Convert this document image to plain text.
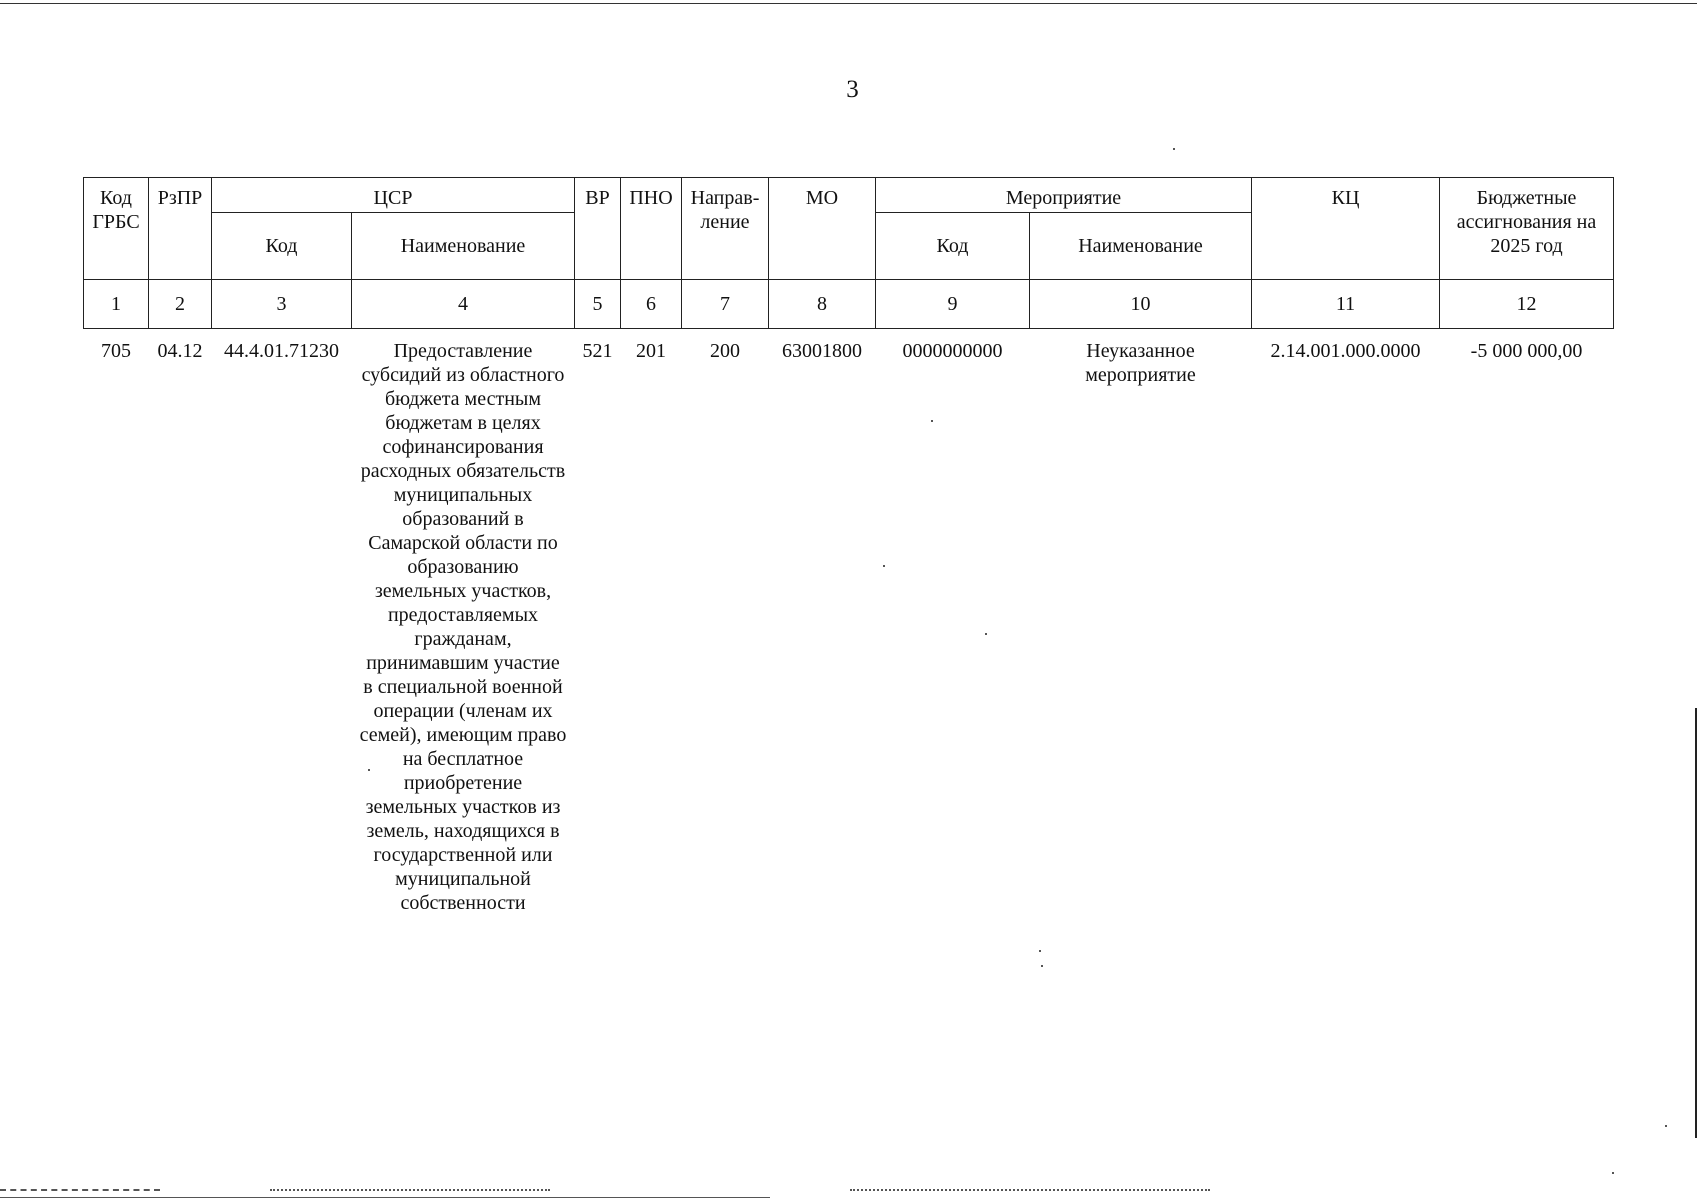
3
Код ГРБС	РзПР	ЦСР		ВР	ПНО	Направ-ление	МО	Мероприятие		КЦ	Бюджетные ассигнования на 2025 год
		Код	Наименование					Код	Наименование		
1	2	3	4	5	6	7	8	9	10	11	12
705	04.12	44.4.01.71230	Предоставление субсидий из областного бюджета местным бюджетам в целях софинансирования расходных обязательств муниципальных образований в Самарской области по образованию земельных участков, предоставляемых гражданам, принимавшим участие в специальной военной операции (членам их семей), имеющим право на бесплатное приобретение земельных участков из земель, находящихся в государственной или муниципальной собственности	521	201	200	63001800	0000000000	Неуказанное мероприятие	2.14.001.000.0000	-5 000 000,00
